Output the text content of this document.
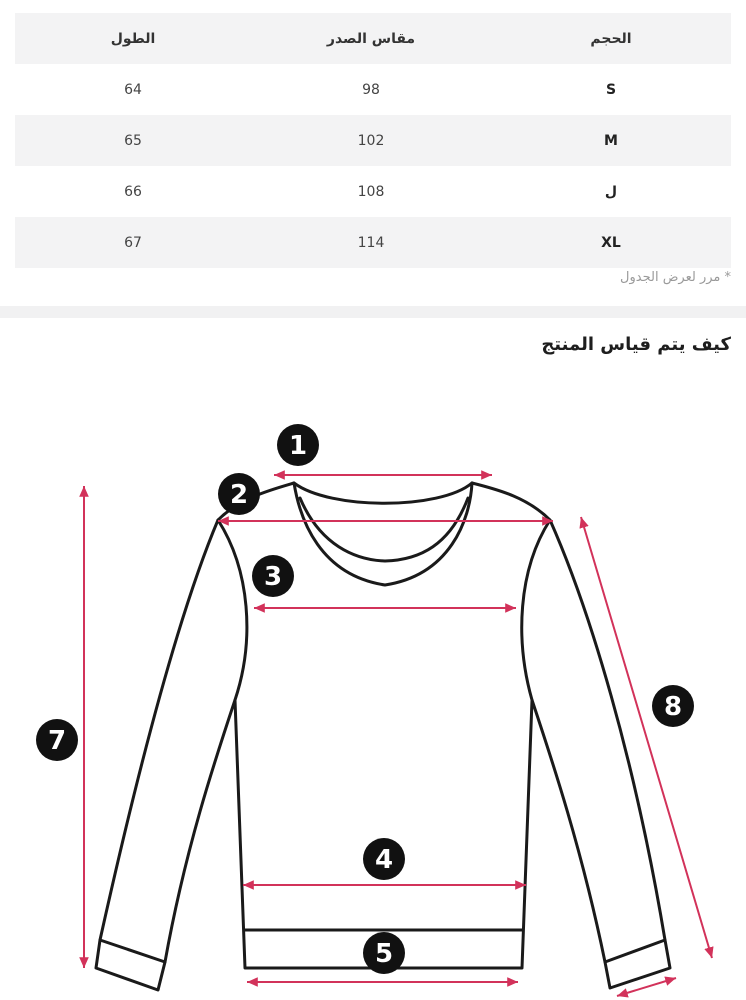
الحجم	مقاس الصدر	الطول
S	98	64
M	102	65
ل	108	66
XL	114	67
* مرر لعرض الجدول
كيف يتم قياس المنتج
1
2
3
4
5
7
8
